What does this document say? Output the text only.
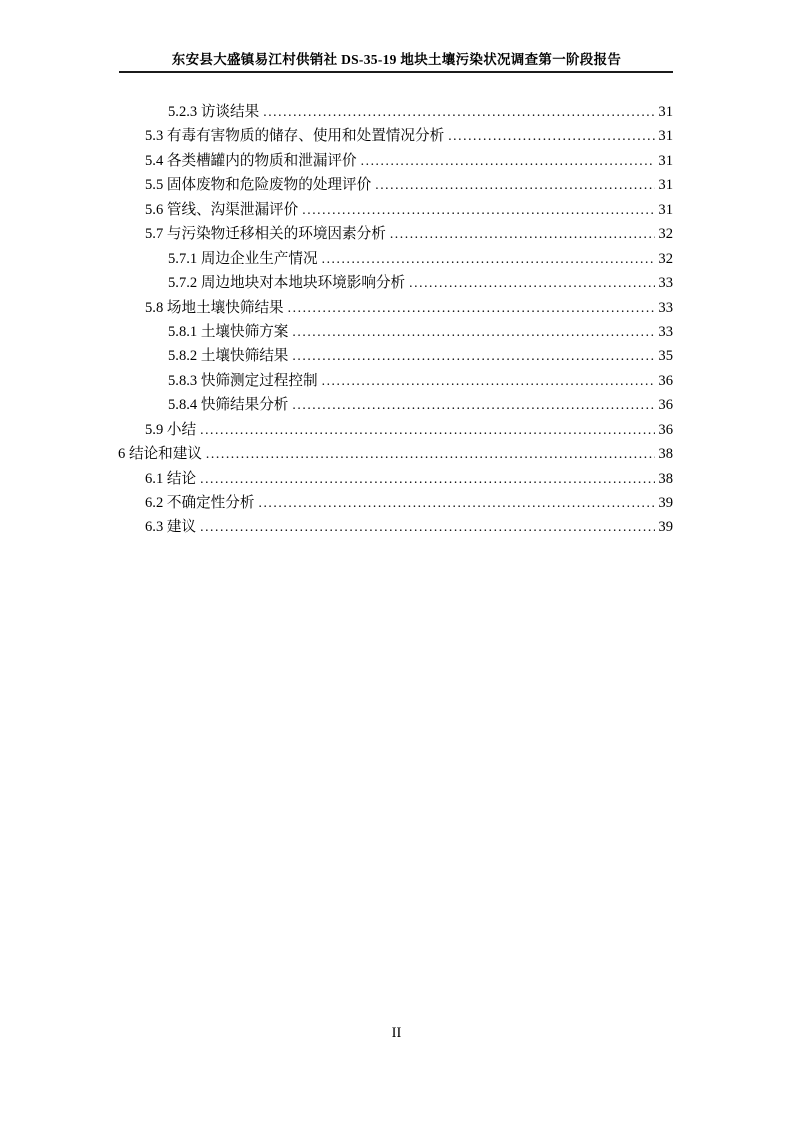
东安县大盛镇易江村供销社 DS-35-19 地块土壤污染状况调查第一阶段报告
5.2.3 访谈结果 .....	31
5.3 有毒有害物质的储存、使用和处置情况分析 .....	31
5.4 各类槽罐内的物质和泄漏评价 .....	31
5.5 固体废物和危险废物的处理评价 .....	31
5.6 管线、沟渠泄漏评价 .....	31
5.7 与污染物迁移相关的环境因素分析 .....	32
5.7.1 周边企业生产情况 .....	32
5.7.2 周边地块对本地块环境影响分析 .....	33
5.8 场地土壤快筛结果 .....	33
5.8.1 土壤快筛方案 .....	33
5.8.2 土壤快筛结果 .....	35
5.8.3 快筛测定过程控制 .....	36
5.8.4 快筛结果分析 .....	36
5.9 小结 .....	36
6 结论和建议 .....	38
6.1 结论 .....	38
6.2 不确定性分析 .....	39
6.3 建议 .....	39
II
